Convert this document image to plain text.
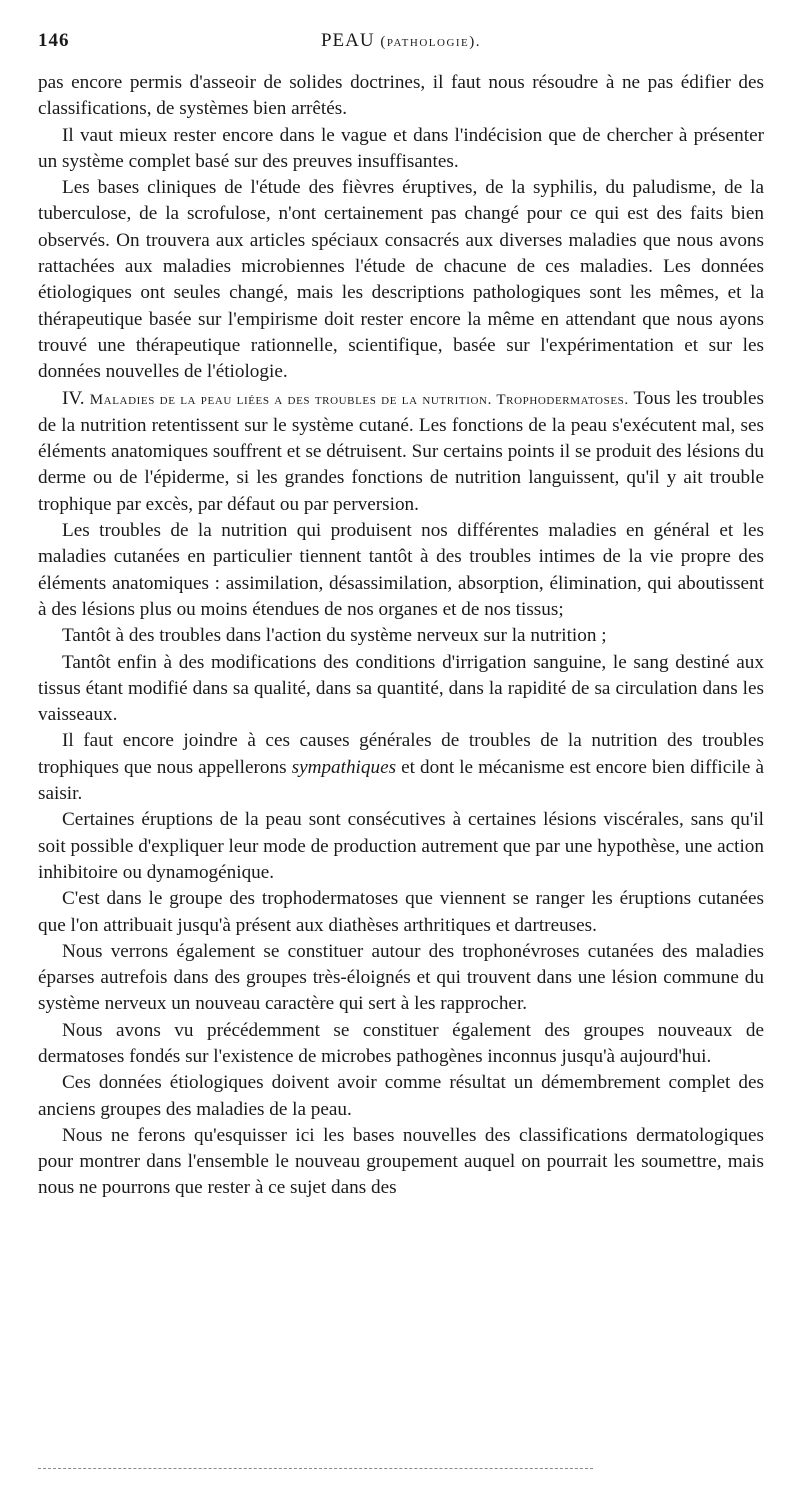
146	PEAU (pathologie).

pas encore permis d'asseoir de solides doctrines, il faut nous résoudre à ne pas édifier des classifications, de systèmes bien arrêtés.

Il vaut mieux rester encore dans le vague et dans l'indécision que de chercher à présenter un système complet basé sur des preuves insuffisantes.

Les bases cliniques de l'étude des fièvres éruptives, de la syphilis, du paludisme, de la tuberculose, de la scrofulose, n'ont certainement pas changé pour ce qui est des faits bien observés. On trouvera aux articles spéciaux consacrés aux diverses maladies que nous avons rattachées aux maladies microbiennes l'étude de chacune de ces maladies. Les données étiologiques ont seules changé, mais les descriptions pathologiques sont les mêmes, et la thérapeutique basée sur l'empirisme doit rester encore la même en attendant que nous ayons trouvé une thérapeutique rationnelle, scientifique, basée sur l'expérimentation et sur les données nouvelles de l'étiologie.

IV. Maladies de la peau liées a des troubles de la nutrition. Trophodermatoses. Tous les troubles de la nutrition retentissent sur le système cutané. Les fonctions de la peau s'exécutent mal, ses éléments anatomiques souffrent et se détruisent. Sur certains points il se produit des lésions du derme ou de l'épiderme, si les grandes fonctions de nutrition languissent, qu'il y ait trouble trophique par excès, par défaut ou par perversion.

Les troubles de la nutrition qui produisent nos différentes maladies en général et les maladies cutanées en particulier tiennent tantôt à des troubles intimes de la vie propre des éléments anatomiques : assimilation, désassimilation, absorption, élimination, qui aboutissent à des lésions plus ou moins étendues de nos organes et de nos tissus;

Tantôt à des troubles dans l'action du système nerveux sur la nutrition ;

Tantôt enfin à des modifications des conditions d'irrigation sanguine, le sang destiné aux tissus étant modifié dans sa qualité, dans sa quantité, dans la rapidité de sa circulation dans les vaisseaux.

Il faut encore joindre à ces causes générales de troubles de la nutrition des troubles trophiques que nous appellerons sympathiques et dont le mécanisme est encore bien difficile à saisir.

Certaines éruptions de la peau sont consécutives à certaines lésions viscérales, sans qu'il soit possible d'expliquer leur mode de production autrement que par une hypothèse, une action inhibitoire ou dynamogénique.

C'est dans le groupe des trophodermatoses que viennent se ranger les éruptions cutanées que l'on attribuait jusqu'à présent aux diathèses arthritiques et dartreuses.

Nous verrons également se constituer autour des trophonévroses cutanées des maladies éparses autrefois dans des groupes très-éloignés et qui trouvent dans une lésion commune du système nerveux un nouveau caractère qui sert à les rapprocher.

Nous avons vu précédemment se constituer également des groupes nouveaux de dermatoses fondés sur l'existence de microbes pathogènes inconnus jusqu'à aujourd'hui.

Ces données étiologiques doivent avoir comme résultat un démembrement complet des anciens groupes des maladies de la peau.

Nous ne ferons qu'esquisser ici les bases nouvelles des classifications dermatologiques pour montrer dans l'ensemble le nouveau groupement auquel on pourrait les soumettre, mais nous ne pourrons que rester à ce sujet dans des
